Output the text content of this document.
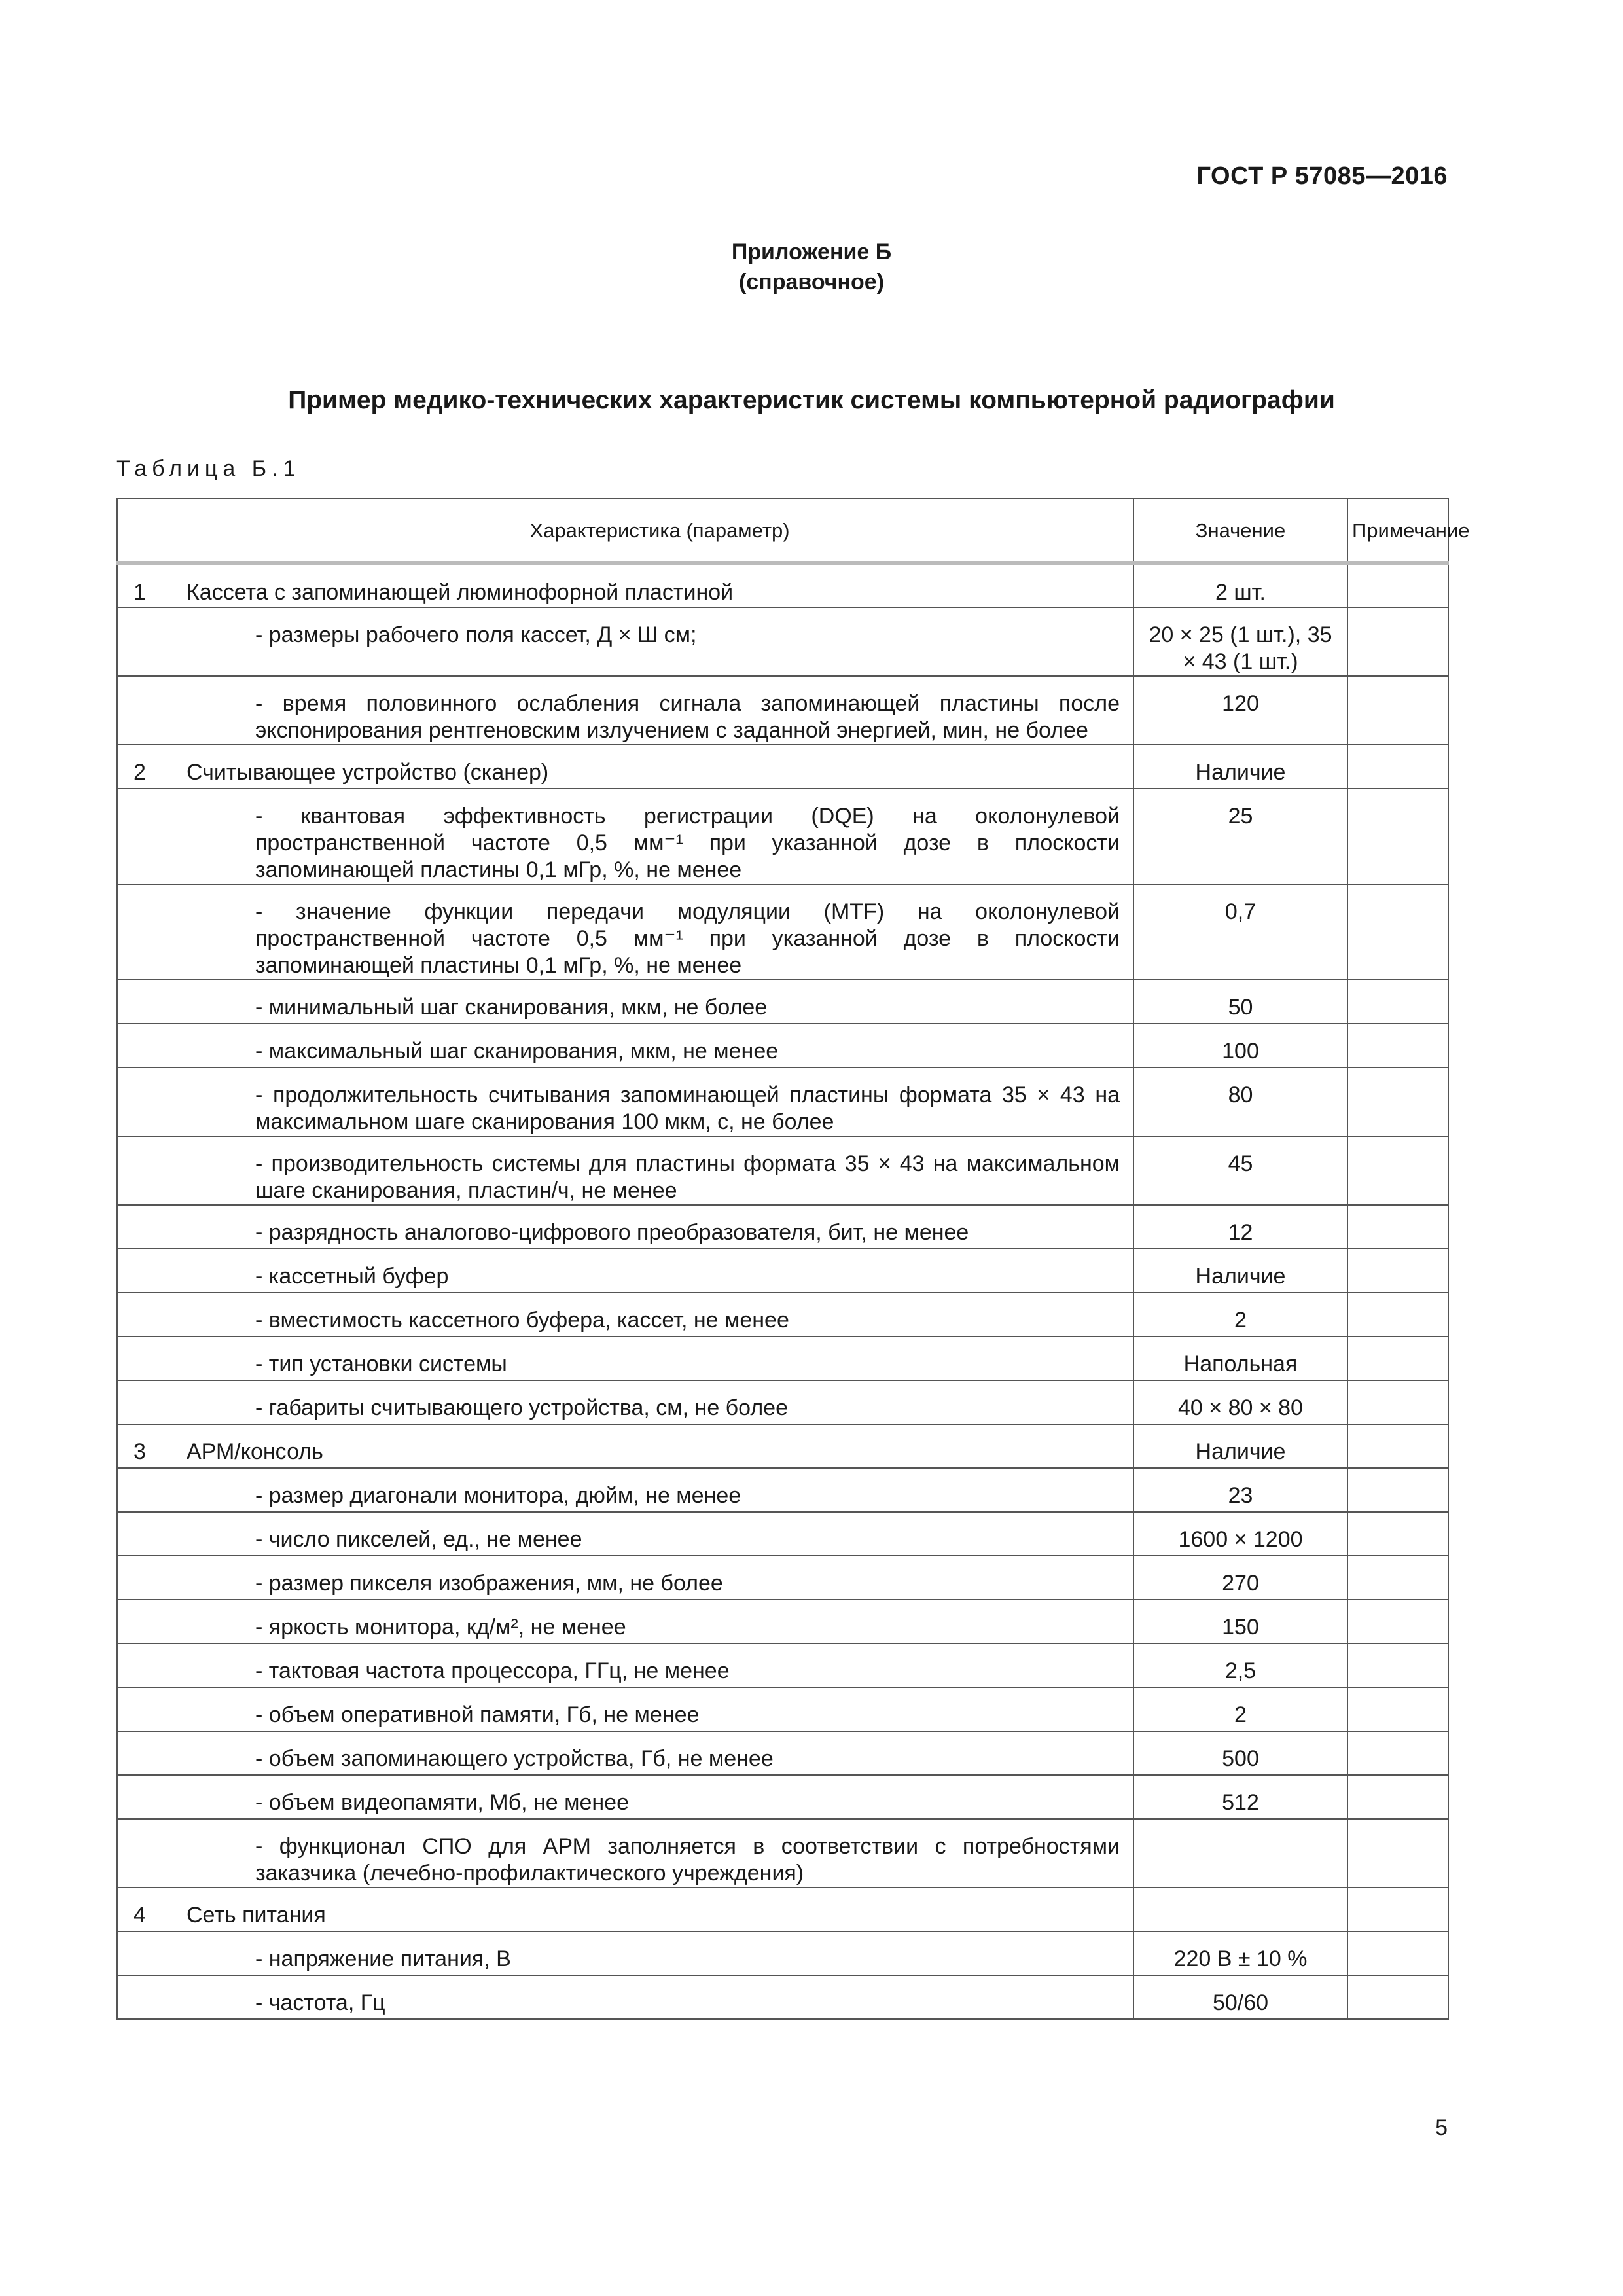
ГОСТ Р 57085—2016
Приложение Б
(справочное)
Пример медико-технических характеристик системы компьютерной радиографии
Таблица Б.1
	Характеристика (параметр)	Значение	Примечание
1	Кассета с запоминающей люминофорной пластиной	2 шт.	
	- размеры рабочего поля кассет, Д × Ш см;	20 × 25 (1 шт.), 35 × 43 (1 шт.)	
	- время половинного ослабления сигнала запоминающей пластины после экспонирования рентгеновским излучением с заданной энергией, мин, не более	120	
2	Считывающее устройство (сканер)	Наличие	
	- квантовая эффективность регистрации (DQE) на околонулевой пространственной частоте 0,5 мм⁻¹ при указанной дозе в плоскости запоминающей пластины 0,1 мГр, %, не менее	25	
	- значение функции передачи модуляции (MTF) на околонулевой пространственной частоте 0,5 мм⁻¹ при указанной дозе в плоскости запоминающей пластины 0,1 мГр, %, не менее	0,7	
	- минимальный шаг сканирования, мкм, не более	50	
	- максимальный шаг сканирования, мкм, не менее	100	
	- продолжительность считывания запоминающей пластины формата 35 × 43 на максимальном шаге сканирования 100 мкм, с, не более	80	
	- производительность системы для пластины формата 35 × 43 на максимальном шаге сканирования, пластин/ч, не менее	45	
	- разрядность аналогово-цифрового преобразователя, бит, не менее	12	
	- кассетный буфер	Наличие	
	- вместимость кассетного буфера, кассет, не менее	2	
	- тип установки системы	Напольная	
	- габариты считывающего устройства, см, не более	40 × 80 × 80	
3	АРМ/консоль	Наличие	
	- размер диагонали монитора, дюйм, не менее	23	
	- число пикселей, ед., не менее	1600 × 1200	
	- размер пикселя изображения, мм, не более	270	
	- яркость монитора, кд/м², не менее	150	
	- тактовая частота процессора, ГГц, не менее	2,5	
	- объем оперативной памяти, Гб, не менее	2	
	- объем запоминающего устройства, Гб, не менее	500	
	- объем видеопамяти, Мб, не менее	512	
	- функционал СПО для АРМ заполняется в соответствии с потребностями заказчика (лечебно-профилактического учреждения)		
4	Сеть питания		
	- напряжение питания, В	220 В ± 10 %	
	- частота, Гц	50/60	
5
